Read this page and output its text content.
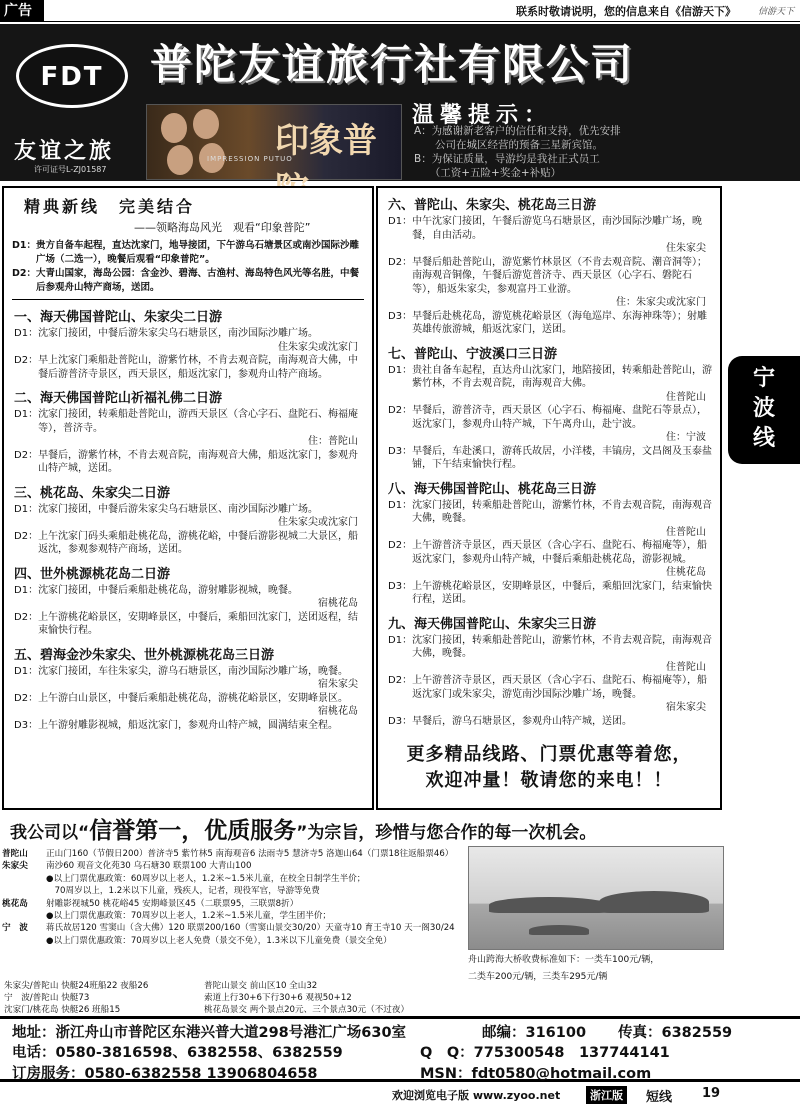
广告	联系时敬请说明，您的信息来自《信游天下》 信游天下
FDT
友谊之旅
许可证号L-ZJ01587
普陀友谊旅行社有限公司
印象普
IMPRESSION PUTUO
温馨提示：
A：为感谢新老客户的信任和支持，优先安排
　　公司在城区经营的预备三星新宾馆。
B：为保证质量，导游均是我社正式员工
　　（工资+五险+奖金+补贴）
精典新线　完美结合
——领略海岛风光　观看“印象普陀”
D1： 贵方自备车起程，直达沈家门，地导接团，下午游乌石塘景区或南沙国际沙雕广场（二选一），晚餐后观看“印象普陀”。
D2： 大青山国家，海岛公园：含金沙、碧海、古渔村、海岛特色风光等名胜，中餐后参观舟山特产商场，送团。
一、海天佛国普陀山、朱家尖二日游
D1： 沈家门接团，中餐后游朱家尖乌石塘景区，南沙国际沙雕广场。
住朱家尖或沈家门
D2： 早上沈家门乘船赴普陀山，游紫竹林，不肯去观音院，南海观音大佛，中餐后游普济寺景区，西天景区，船返沈家门，参观舟山特产商场。
二、海天佛国普陀山祈福礼佛二日游
D1： 沈家门接团，转乘船赴普陀山，游西天景区（含心字石、盘陀石、梅福庵等），普济寺。
住：普陀山
D2： 早餐后，游紫竹林，不肯去观音院，南海观音大佛，船返沈家门，参观舟山特产城，送团。
三、桃花岛、朱家尖二日游
D1： 沈家门接团，中餐后游朱家尖乌石塘景区、南沙国际沙雕广场。
住朱家尖或沈家门
D2： 上午沈家门码头乘船赴桃花岛，游桃花峪，中餐后游影视城二大景区，船返沈，参观参观特产商场，送团。
四、世外桃源桃花岛二日游
D1： 沈家门接团，中餐后乘船赴桃花岛，游射雕影视城，晚餐。
宿桃花岛
D2： 上午游桃花峪景区，安期峰景区，中餐后，乘船回沈家门，送团返程，结束愉快行程。
五、碧海金沙朱家尖、世外桃源桃花岛三日游
D1： 沈家门接团，车往朱家尖，游乌石塘景区，南沙国际沙雕广场，晚餐。
宿朱家尖
D2： 上午游白山景区，中餐后乘船赴桃花岛，游桃花峪景区，安期峰景区。
宿桃花岛
D3： 上午游射雕影视城，船返沈家门，参观舟山特产城，圆满结束全程。
六、普陀山、朱家尖、桃花岛三日游
D1： 中午沈家门接团，午餐后游览乌石塘景区，南沙国际沙雕广场，晚餐，自由活动。
住朱家尖
D2： 早餐后船赴普陀山，游览紫竹林景区（不肯去观音院、潮音洞等）；南海观音铜像，午餐后游览普济寺、西天景区（心字石、磐陀石等），船返朱家尖，参观富丹工业游。
住：朱家尖或沈家门
D3： 早餐后赴桃花岛，游览桃花峪景区（海龟巡岸、东海神珠等）；射雕英雄传旅游城，船返沈家门，送团。
七、普陀山、宁波溪口三日游
D1： 贵社自备车起程，直达舟山沈家门，地陪接团，转乘船赴普陀山，游紫竹林，不肯去观音院，南海观音大佛。
住普陀山
D2： 早餐后，游普济寺，西天景区（心字石、梅福庵、盘陀石等景点），返沈家门，参观舟山特产城，下午离舟山，赴宁波。
住：宁波
D3： 早餐后，车赴溪口，游蒋氏故居，小洋楼，丰镐房，文昌阁及玉泰盐铺，下午结束愉快行程。
八、海天佛国普陀山、桃花岛三日游
D1： 沈家门接团，转乘船赴普陀山，游紫竹林，不肯去观音院，南海观音大佛，晚餐。
住普陀山
D2： 上午游普济寺景区，西天景区（含心字石、盘陀石、梅福庵等），船返沈家门，参观舟山特产城，中餐后乘船赴桃花岛，游影视城。
住桃花岛
D3： 上午游桃花峪景区，安期峰景区，中餐后，乘船回沈家门，结束愉快行程，送团。
九、海天佛国普陀山、朱家尖三日游
D1： 沈家门接团，转乘船赴普陀山，游紫竹林，不肯去观音院，南海观音大佛，晚餐。
住普陀山
D2： 上午游普济寺景区，西天景区（含心字石、盘陀石、梅福庵等），船返沈家门或朱家尖，游览南沙国际沙雕广场，晚餐。
宿朱家尖
D3： 早餐后，游乌石塘景区，参观舟山特产城，送团。
更多精品线路、门票优惠等着您，
欢迎冲量！敬请您的来电！！
宁
波
线
我公司以“信誉第一，优质服务”为宗旨，珍惜与您合作的每一次机会。
普陀山	正山门160（节假日200）普济寺5 紫竹林5 南海观音6 法雨寺5 慧济寺5 洛迦山64（门票18往返船票46）
朱家尖	南沙60 观音文化苑30 乌石塘30 联票100 大青山100
●以上门票优惠政策：60周岁以上老人，1.2米~1.5米儿童，在校全日制学生半价；
　70周岁以上，1.2米以下儿童，残疾人，记者，现役军官，导游等免费
桃花岛	射雕影视城50 桃花峪45 安期峰景区45（二联票95，三联票8折）
●以上门票优惠政策：70周岁以上老人，1.2米~1.5米儿童，学生团半价；
宁　波	蒋氏故居120 雪窦山（含大佛）120 联票200/160（雪窦山景交30/20）天童寺10 育王寺10 天一阁30/24
●以上门票优惠政策：70周岁以上老人免费（景交不免），1.3米以下儿童免费（景交全免）
朱家尖/普陀山 快艇24班船22 夜船26	普陀山景交 前山区10 全山32
宁　波/普陀山 快艇73	索道上行30+6下行30+6 观视50+12
沈家门/桃花岛 快艇26 班船15	桃花岛景交 两个景点20元、三个景点30元（不过夜）
舟山跨海大桥收费标准如下：一类车100元/辆，
二类车200元/辆，三类车295元/辆
地址：浙江舟山市普陀区东港兴普大道298号港汇广场630室	邮编：316100 传真：6382559
电话：0580-3816598、6382558、6382559	Q　Q：775300548　137744141
订房服务：0580-6382558 13906804658	MSN：fdt0580@hotmail.com
欢迎浏览电子版 www.zyoo.net	浙江版	短线 19
